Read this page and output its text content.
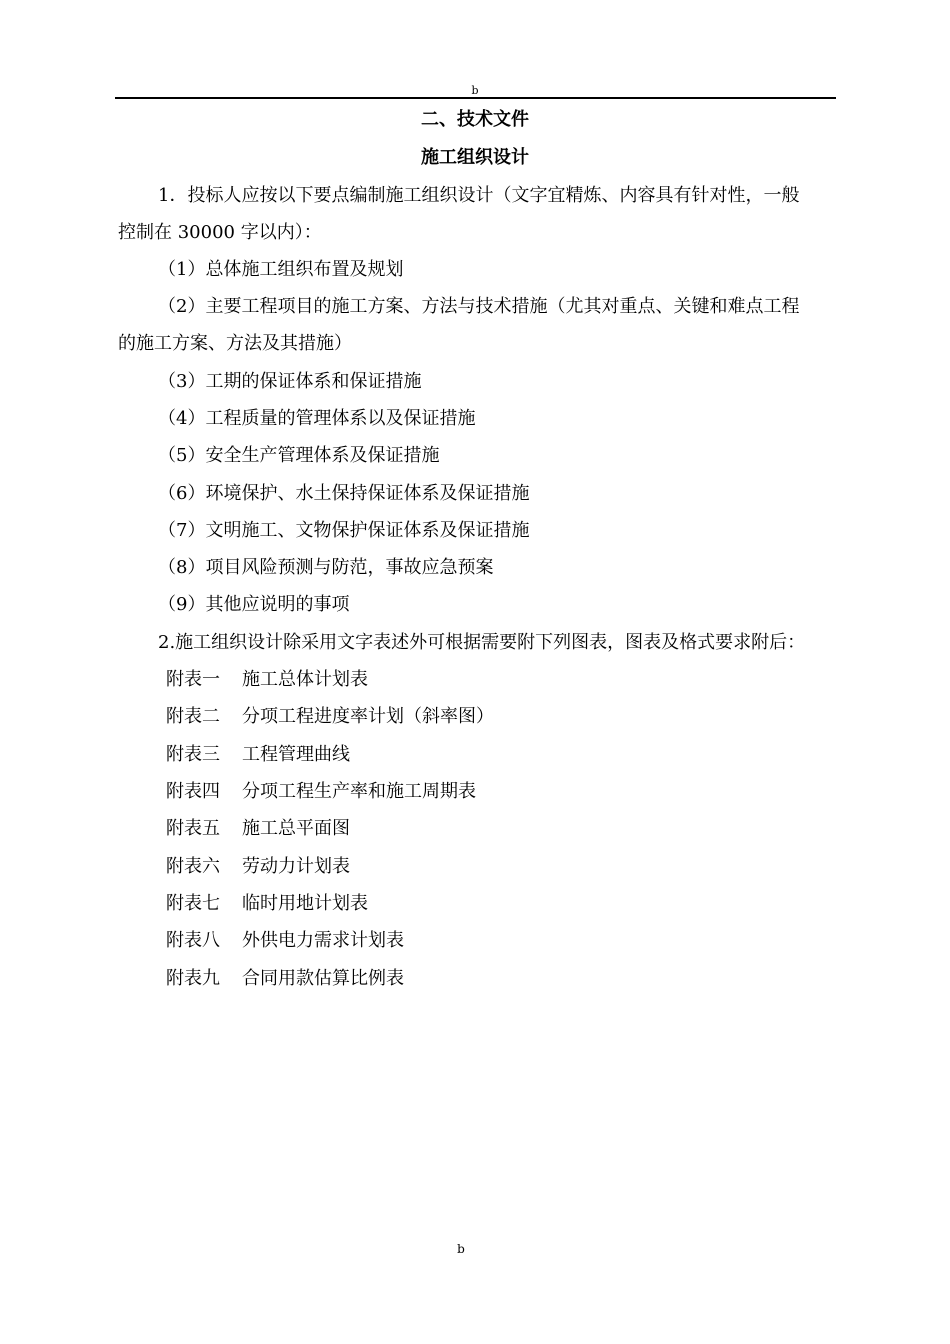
b
二、技术文件
施工组织设计
1．投标人应按以下要点编制施工组织设计（文字宜精炼、内容具有针对性，一般
控制在 30000 字以内）：
（1）总体施工组织布置及规划
（2）主要工程项目的施工方案、方法与技术措施（尤其对重点、关键和难点工程
的施工方案、方法及其措施）
（3）工期的保证体系和保证措施
（4）工程质量的管理体系以及保证措施
（5）安全生产管理体系及保证措施
（6）环境保护、水土保持保证体系及保证措施
（7）文明施工、文物保护保证体系及保证措施
（8）项目风险预测与防范，事故应急预案
（9）其他应说明的事项
2.施工组织设计除采用文字表述外可根据需要附下列图表，图表及格式要求附后：
附表一 施工总体计划表
附表二 分项工程进度率计划（斜率图）
附表三 工程管理曲线
附表四 分项工程生产率和施工周期表
附表五 施工总平面图
附表六 劳动力计划表
附表七 临时用地计划表
附表八 外供电力需求计划表
附表九 合同用款估算比例表
b
